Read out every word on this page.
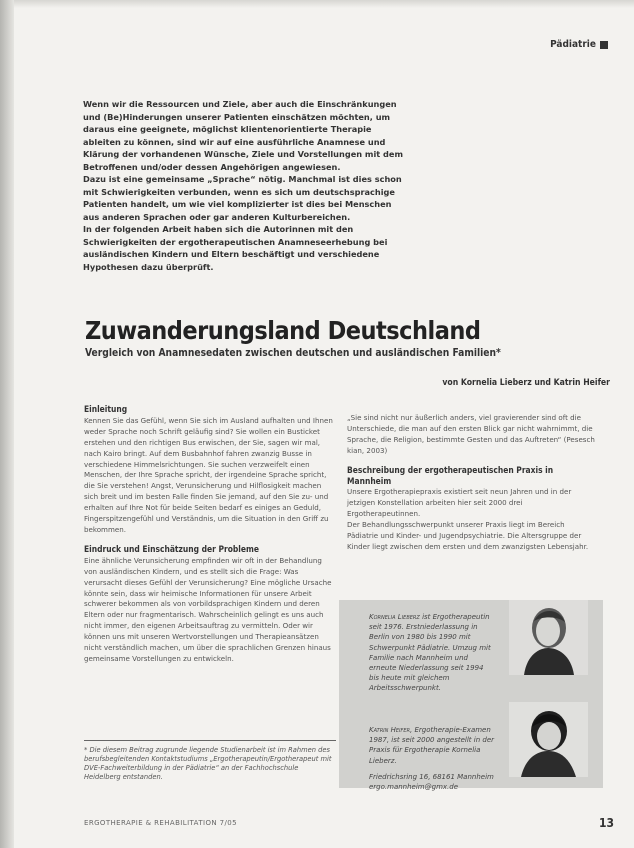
Pädiatrie

Wenn wir die Ressourcen und Ziele, aber auch die Einschränkungen und (Be)Hinderungen unserer Patienten einschätzen möchten, um daraus eine geeignete, möglichst klientenorientierte Therapie ableiten zu können, sind wir auf eine ausführliche Anamnese und Klärung der vorhandenen Wünsche, Ziele und Vorstellungen mit dem Betroffenen und/oder dessen Angehörigen angewiesen.

Dazu ist eine gemeinsame „Sprache“ nötig. Manchmal ist dies schon mit Schwierigkeiten verbunden, wenn es sich um deutschsprachige Patienten handelt, um wie viel komplizierter ist dies bei Menschen aus anderen Sprachen oder gar anderen Kulturbereichen.

In der folgenden Arbeit haben sich die Autorinnen mit den Schwierigkeiten der ergotherapeutischen Anamneseerhebung bei ausländischen Kindern und Eltern beschäftigt und verschiedene Hypothesen dazu überprüft.

Zuwanderungsland Deutschland
Vergleich von Anamnesedaten zwischen deutschen und ausländischen Familien*
von Kornelia Lieberz und Katrin Heifer
Einleitung

Kennen Sie das Gefühl, wenn Sie sich im Ausland aufhalten und Ihnen weder Sprache noch Schrift geläufig sind? Sie wollen ein Busticket erstehen und den richtigen Bus erwischen, der Sie, sagen wir mal, nach Kairo bringt. Auf dem Busbahnhof fahren zwanzig Busse in verschiedene Himmelsrichtungen. Sie suchen verzweifelt einen Menschen, der Ihre Sprache spricht, der irgendeine Sprache spricht, die Sie verstehen! Angst, Verunsicherung und Hilflosigkeit machen sich breit und im besten Falle finden Sie jemand, auf den Sie zu- und erhalten auf Ihre Not für beide Seiten bedarf es einiges an Geduld, Fingerspitzengefühl und Verständnis, um die Situation in den Griff zu bekommen.

Eindruck und Einschätzung der Probleme

Eine ähnliche Verunsicherung empfinden wir oft in der Behandlung von ausländischen Kindern, und es stellt sich die Frage: Was verursacht dieses Gefühl der Verunsicherung? Eine mögliche Ursache könnte sein, dass wir heimische Informationen für unsere Arbeit schwerer bekommen als von vorbildsprachigen Kindern und deren Eltern oder nur fragmentarisch. Wahrscheinlich gelingt es uns auch nicht immer, den eigenen Arbeitsauftrag zu vermitteln. Oder wir können uns mit unseren Wertvorstellungen und Therapieansätzen nicht verständlich machen, um über die sprachlichen Grenzen hinaus gemeinsame Vorstellungen zu entwickeln.

* Die diesem Beitrag zugrunde liegende Studienarbeit ist im Rahmen des berufsbegleitenden Kontaktstudiums „Ergotherapeutin/Ergotherapeut mit DVE-Fachweiterbildung in der Pädiatrie“ an der Fachhochschule Heidelberg entstanden.

„Sie sind nicht nur äußerlich anders, viel gravierender sind oft die Unterschiede, die man auf den ersten Blick gar nicht wahrnimmt, die Sprache, die Religion, bestimmte Gesten und das Auftreten“ (Pesesch kian, 2003)

Beschreibung der ergotherapeutischen Praxis in Mannheim

Unsere Ergotherapiepraxis existiert seit neun Jahren und in der jetzigen Konstellation arbeiten hier seit 2000 drei Ergotherapeutinnen.

Der Behandlungsschwerpunkt unserer Praxis liegt im Bereich Pädiatrie und Kinder- und Jugendpsychiatrie. Die Altersgruppe der Kinder liegt zwischen dem ersten und dem zwanzigsten Lebensjahr.

Kornelia Lieberz ist Ergotherapeutin seit 1976. Erstniederlassung in Berlin von 1980 bis 1990 mit Schwerpunkt Pädiatrie. Umzug mit Familie nach Mannheim und erneute Niederlassung seit 1994 bis heute mit gleichem Arbeitsschwerpunkt.
Katrin Heifer, Ergotherapie-Examen 1987, ist seit 2000 angestellt in der Praxis für Ergotherapie Kornelia Lieberz.
Friedrichsring 16, 68161 Mannheim ergo.mannheim@gmx.de
ERGOTHERAPIE & REHABILITATION 7/05	13
